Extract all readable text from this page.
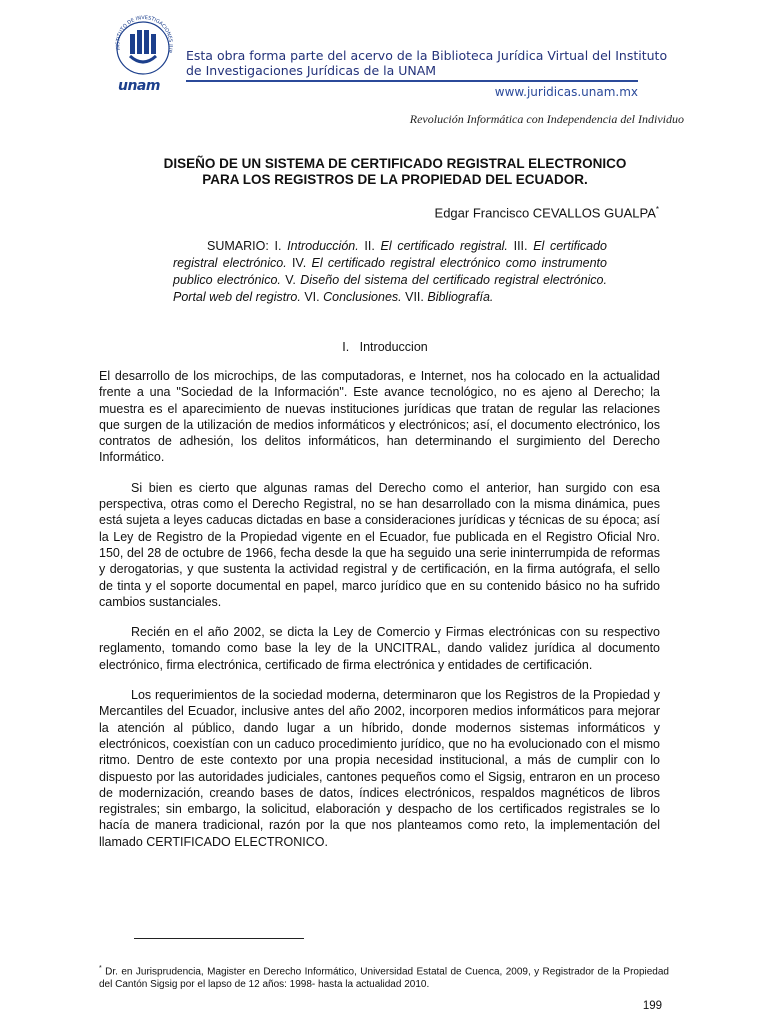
INSTITUTO DE INVESTIGACIONES JUR
unam
Esta obra forma parte del acervo de la Biblioteca Jurídica Virtual del Instituto
de Investigaciones Jurídicas de la UNAM
www.juridicas.unam.mx
Revolución Informática con Independencia del Individuo
DISEÑO DE UN SISTEMA DE CERTIFICADO REGISTRAL ELECTRONICO
PARA LOS REGISTROS DE LA PROPIEDAD DEL ECUADOR.
Edgar Francisco CEVALLOS GUALPA*
SUMARIO: I. Introducción. II. El certificado registral. III. El certificado registral electrónico. IV. El certificado registral electrónico como instrumento publico electrónico. V. Diseño del sistema del certificado registral electrónico. Portal web del registro. VI. Conclusiones. VII. Bibliografía.
I.   Introduccion

El desarrollo de los microchips, de las computadoras, e Internet, nos ha colocado en la actualidad frente a una "Sociedad de la Información". Este avance tecnológico, no es ajeno al Derecho; la muestra es el aparecimiento de nuevas instituciones jurídicas que tratan de regular las relaciones que surgen de la utilización de medios informáticos y electrónicos; así, el documento electrónico, los contratos de adhesión, los delitos informáticos, han determinando el surgimiento del Derecho Informático.

Si bien es cierto que algunas ramas del Derecho como el anterior, han surgido con esa perspectiva, otras como el Derecho Registral, no se han desarrollado con la misma dinámica, pues está sujeta a leyes caducas dictadas en base a consideraciones jurídicas y técnicas de su época; así la Ley de Registro de la Propiedad vigente en el Ecuador, fue publicada en el Registro Oficial Nro. 150, del 28 de octubre de 1966, fecha desde la que ha seguido una serie ininterrumpida de reformas y derogatorias, y que sustenta la actividad registral y de certificación, en la firma autógrafa, el sello de tinta y el soporte documental en papel, marco jurídico que en su contenido básico no ha sufrido cambios sustanciales.

Recién en el año 2002, se dicta la Ley de Comercio y Firmas electrónicas con su respectivo reglamento, tomando como base la ley de la UNCITRAL, dando validez jurídica al documento electrónico, firma electrónica, certificado de firma electrónica y entidades de certificación.

Los requerimientos de la sociedad moderna, determinaron que los Registros de la Propiedad y Mercantiles del Ecuador, inclusive antes del año 2002, incorporen medios informáticos para mejorar la atención al público, dando lugar a un híbrido, donde modernos sistemas informáticos y electrónicos, coexistían con un caduco procedimiento jurídico, que no ha evolucionado con el mismo ritmo. Dentro de este contexto por una propia necesidad institucional, a más de cumplir con lo dispuesto por las autoridades judiciales, cantones pequeños como el Sigsig, entraron en un proceso de modernización, creando bases de datos, índices electrónicos, respaldos magnéticos de libros registrales; sin embargo, la solicitud, elaboración y despacho de los certificados registrales se lo hacía de manera tradicional, razón por la que nos planteamos como reto, la implementación del llamado CERTIFICADO ELECTRONICO.

* Dr. en Jurisprudencia, Magister en Derecho Informático, Universidad Estatal de Cuenca, 2009, y Registrador de la Propiedad del Cantón Sigsig por el lapso de 12 años: 1998- hasta la actualidad 2010.
199
